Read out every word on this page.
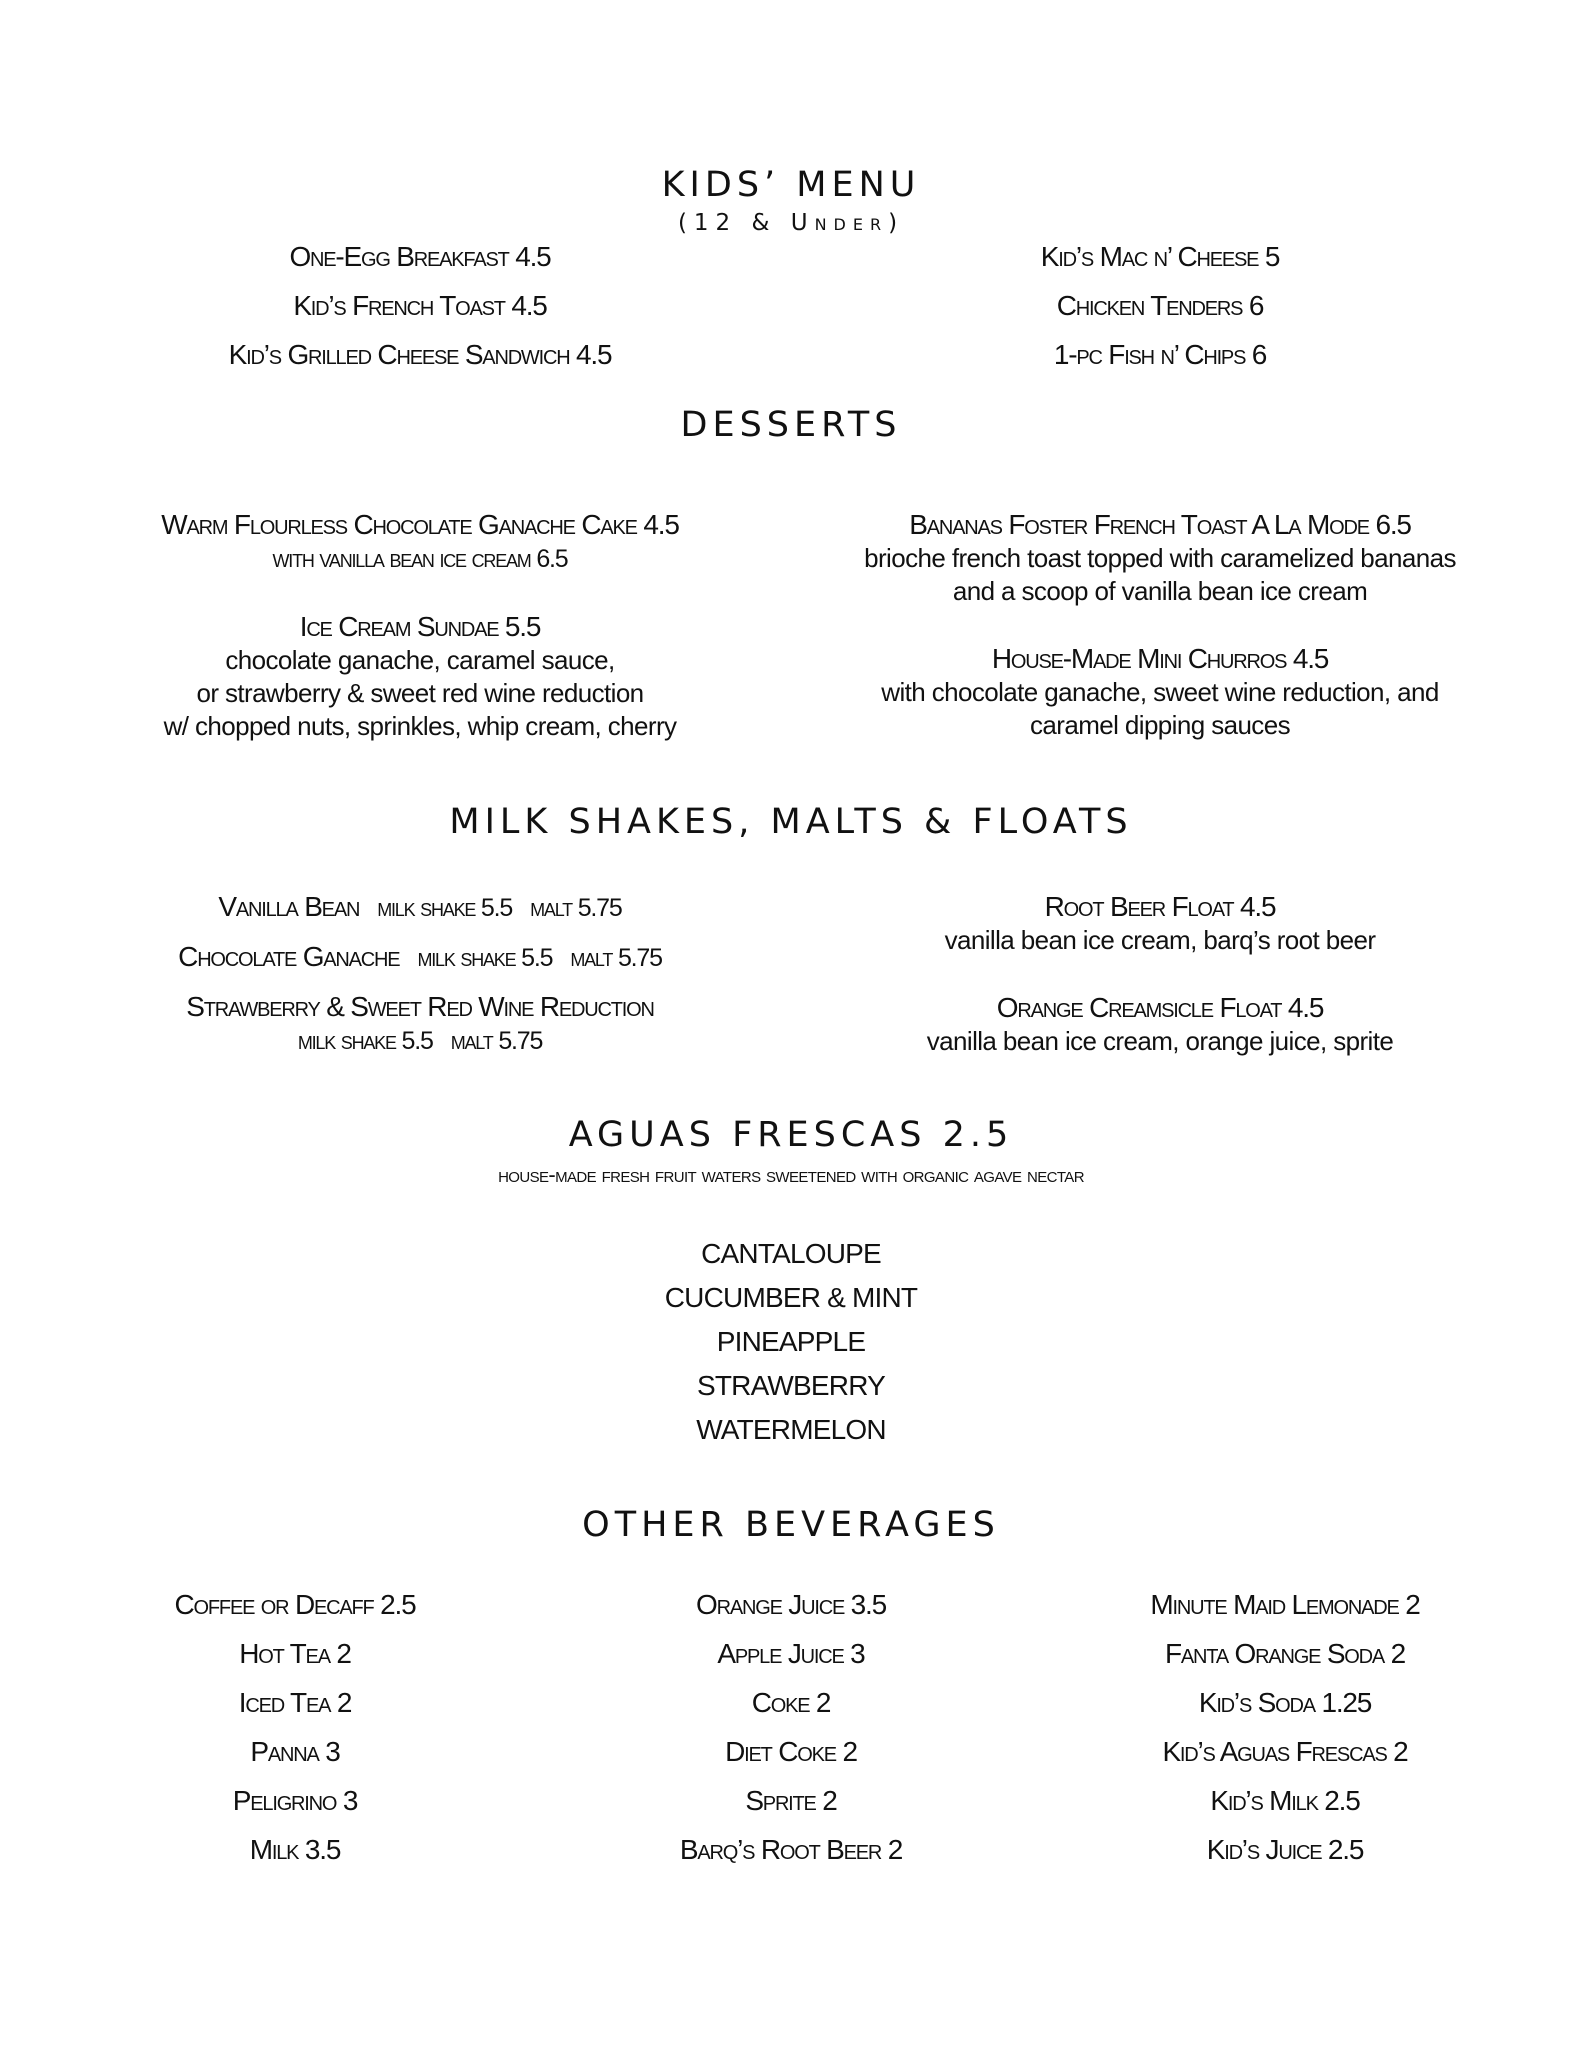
KIDS’ MENU
(12 & Under)
One-Egg Breakfast 4.5
Kid’s French Toast 4.5
Kid’s Grilled Cheese Sandwich 4.5
Kid’s Mac n’ Cheese 5
Chicken Tenders 6
1-pc Fish n’ Chips 6
DESSERTS
Warm Flourless Chocolate Ganache Cake 4.5
with vanilla bean ice cream 6.5
Ice Cream Sundae 5.5
chocolate ganache, caramel sauce,
or strawberry & sweet red wine reduction
w/ chopped nuts, sprinkles, whip cream, cherry
Bananas Foster French Toast A La Mode 6.5
brioche french toast topped with caramelized bananas
and a scoop of vanilla bean ice cream
House-Made Mini Churros 4.5
with chocolate ganache, sweet wine reduction, and
caramel dipping sauces
MILK SHAKES, MALTS & FLOATS
Vanilla Bean milk shake 5.5 malt 5.75
Chocolate Ganache milk shake 5.5 malt 5.75
Strawberry & Sweet Red Wine Reduction
milk shake 5.5 malt 5.75
Root Beer Float 4.5
vanilla bean ice cream, barq’s root beer
Orange Creamsicle Float 4.5
vanilla bean ice cream, orange juice, sprite
AGUAS FRESCAS 2.5
house-made fresh fruit waters sweetened with organic agave nectar
CANTALOUPE
CUCUMBER & MINT
PINEAPPLE
STRAWBERRY
WATERMELON
OTHER BEVERAGES
Coffee or Decaff 2.5
Hot Tea 2
Iced Tea 2
Panna 3
Peligrino 3
Milk 3.5
Orange Juice 3.5
Apple Juice 3
Coke 2
Diet Coke 2
Sprite 2
Barq’s Root Beer 2
Minute Maid Lemonade 2
Fanta Orange Soda 2
Kid’s Soda 1.25
Kid’s Aguas Frescas 2
Kid’s Milk 2.5
Kid’s Juice 2.5
